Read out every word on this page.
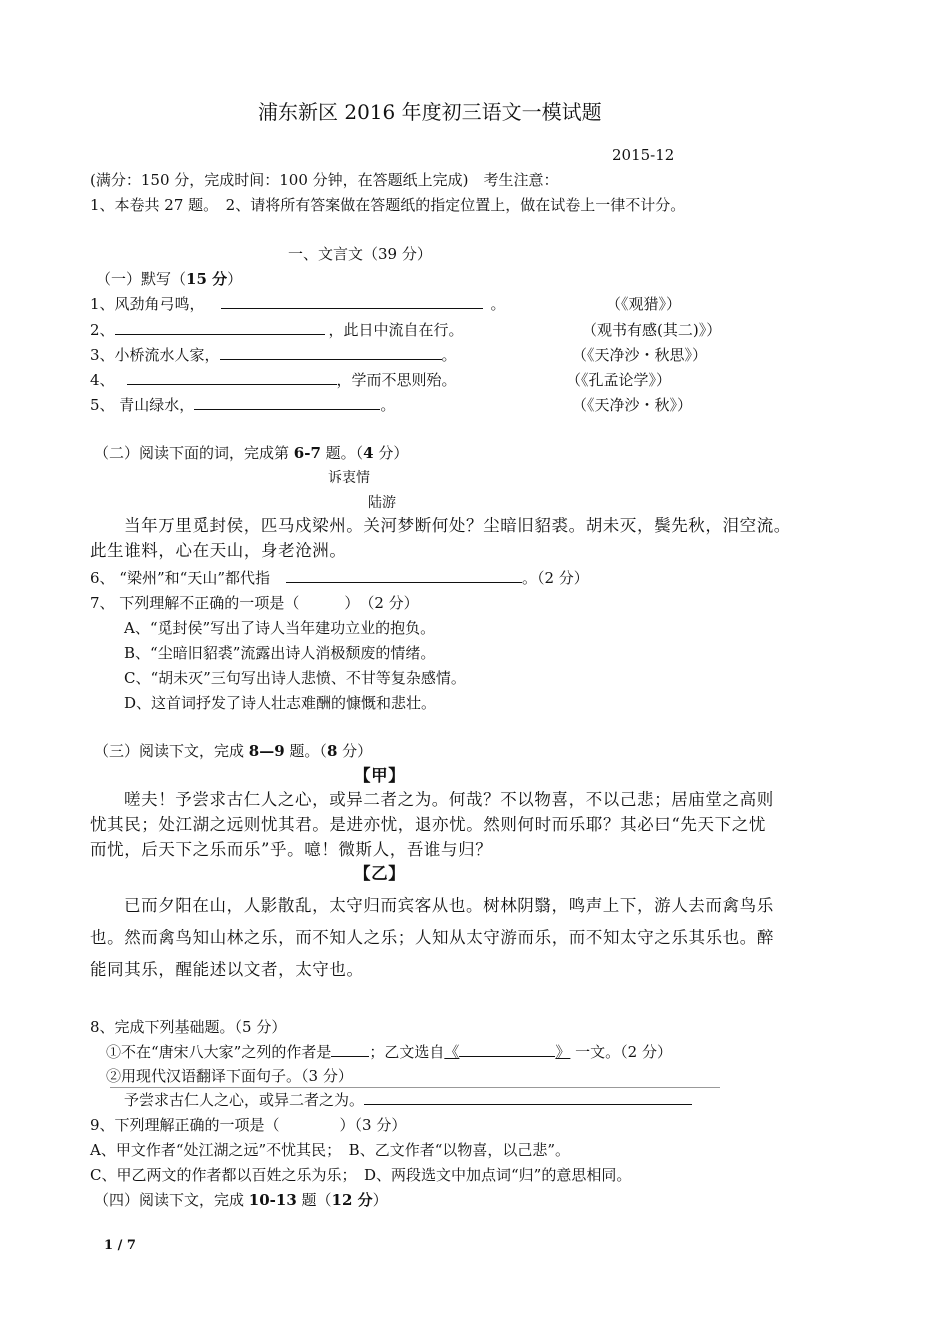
浦东新区 2016 年度初三语文一模试题
2015-12
(满分：150 分，完成时间：100 分钟，在答题纸上完成)　考生注意：
1、本卷共 27 题。　2、请将所有答案做在答题纸的指定位置上，做在试卷上一律不计分。
一、文言文（39 分）
（一）默写（15 分）
1、风劲角弓鸣，	。	（《观猎》）
2、	，此日中流自在行。	（观书有感(其二)》）
3、小桥流水人家，	。	（《天净沙・秋思》）
4、	，学而不思则殆。	（《孔孟论学》）
5、 青山绿水，	。	（《天净沙・秋》）
（二）阅读下面的词，完成第 6-7 题。（4 分）
诉衷情
陆游
当年万里觅封侯，匹马戍梁州。关河梦断何处？尘暗旧貂裘。胡未灭，鬓先秋，泪空流。
此生谁料，心在天山，身老沧洲。
6、 “梁州”和“天山”都代指	。（2 分）
7、 下列理解不正确的一项是（　　　）　（2 分）
A、“觅封侯”写出了诗人当年建功立业的抱负。
B、“尘暗旧貂裘”流露出诗人消极颓废的情绪。
C、“胡未灭”三句写出诗人悲愤、不甘等复杂感情。
D、这首词抒发了诗人壮志难酬的慷慨和悲壮。
（三）阅读下文，完成 8—9 题。（8 分）
【甲】
嗟夫！予尝求古仁人之心，或异二者之为。何哉？不以物喜，不以己悲；居庙堂之高则
忧其民；处江湖之远则忧其君。是进亦忧，退亦忧。然则何时而乐耶？其必曰“先天下之忧
而忧，后天下之乐而乐”乎。噫！微斯人，吾谁与归？
【乙】
已而夕阳在山，人影散乱，太守归而宾客从也。树林阴翳，鸣声上下，游人去而禽鸟乐
也。然而禽鸟知山林之乐，而不知人之乐；人知从太守游而乐，而不知太守之乐其乐也。醉
能同其乐，醒能述以文者，太守也。
8、完成下列基础题。（5 分）
①不在“唐宋八大家”之列的作者是	；乙文选自《	》 一文。（2 分）
②用现代汉语翻译下面句子。（3 分）
予尝求古仁人之心，或异二者之为。
9、下列理解正确的一项是（　　　　）（3 分）
A、甲文作者“处江湖之远”不忧其民；　B、乙文作者“以物喜，以己悲”。
C、甲乙两文的作者都以百姓之乐为乐；　D、两段选文中加点词“归”的意思相同。
（四）阅读下文，完成 10-13 题（12 分）
1 / 7
